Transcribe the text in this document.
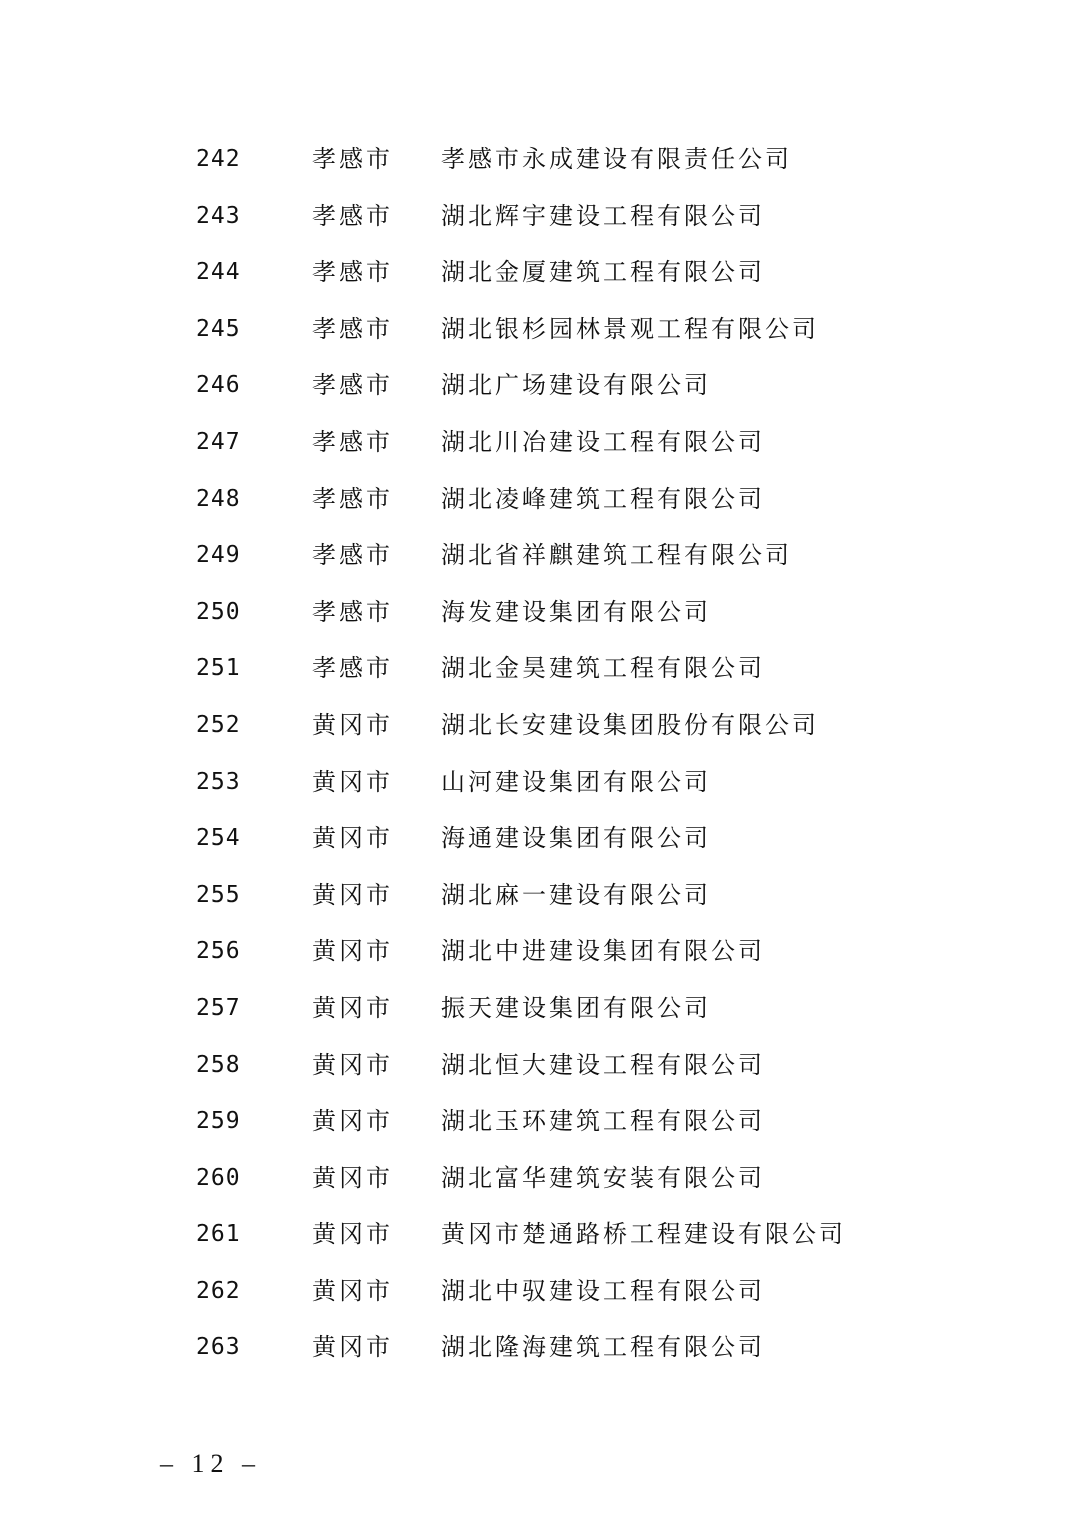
242	孝感市 孝感市永成建设有限责任公司
243	孝感市 湖北辉宇建设工程有限公司
244	孝感市 湖北金厦建筑工程有限公司
245	孝感市 湖北银杉园林景观工程有限公司
246	孝感市 湖北广场建设有限公司
247	孝感市 湖北川冶建设工程有限公司
248	孝感市 湖北凌峰建筑工程有限公司
249	孝感市 湖北省祥麒建筑工程有限公司
250	孝感市 海发建设集团有限公司
251	孝感市 湖北金昊建筑工程有限公司
252	黄冈市 湖北长安建设集团股份有限公司
253	黄冈市 山河建设集团有限公司
254	黄冈市 海通建设集团有限公司
255	黄冈市 湖北麻一建设有限公司
256	黄冈市 湖北中进建设集团有限公司
257	黄冈市 振天建设集团有限公司
258	黄冈市 湖北恒大建设工程有限公司
259	黄冈市 湖北玉环建筑工程有限公司
260	黄冈市 湖北富华建筑安装有限公司
261	黄冈市 黄冈市楚通路桥工程建设有限公司
262	黄冈市 湖北中驭建设工程有限公司
263	黄冈市 湖北隆海建筑工程有限公司
– 12 –
